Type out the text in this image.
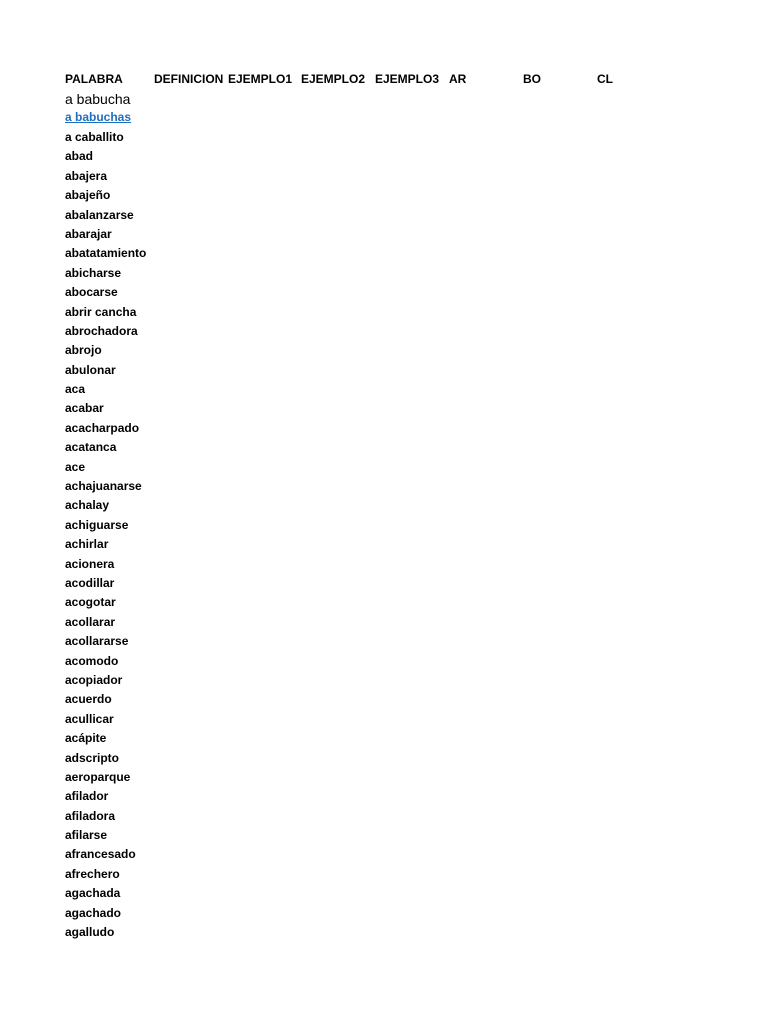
PALABRA	DEFINICION EJEMPLO1 EJEMPLO2 EJEMPLO3 AR	BO	CL
a babucha
a babuchas
a caballito
abad
abajera
abajeño
abalanzarse
abarajar
abatatamiento
abicharse
abocarse
abrir cancha
abrochadora
abrojo
abulonar
aca
acabar
acacharpado
acatanca
ace
achajuanarse
achalay
achiguarse
achirlar
acionera
acodillar
acogotar
acollarar
acollararse
acomodo
acopiador
acuerdo
acullicar
acápite
adscripto
aeroparque
afilador
afiladora
afilarse
afrancesado
afrechero
agachada
agachado
agalludo
